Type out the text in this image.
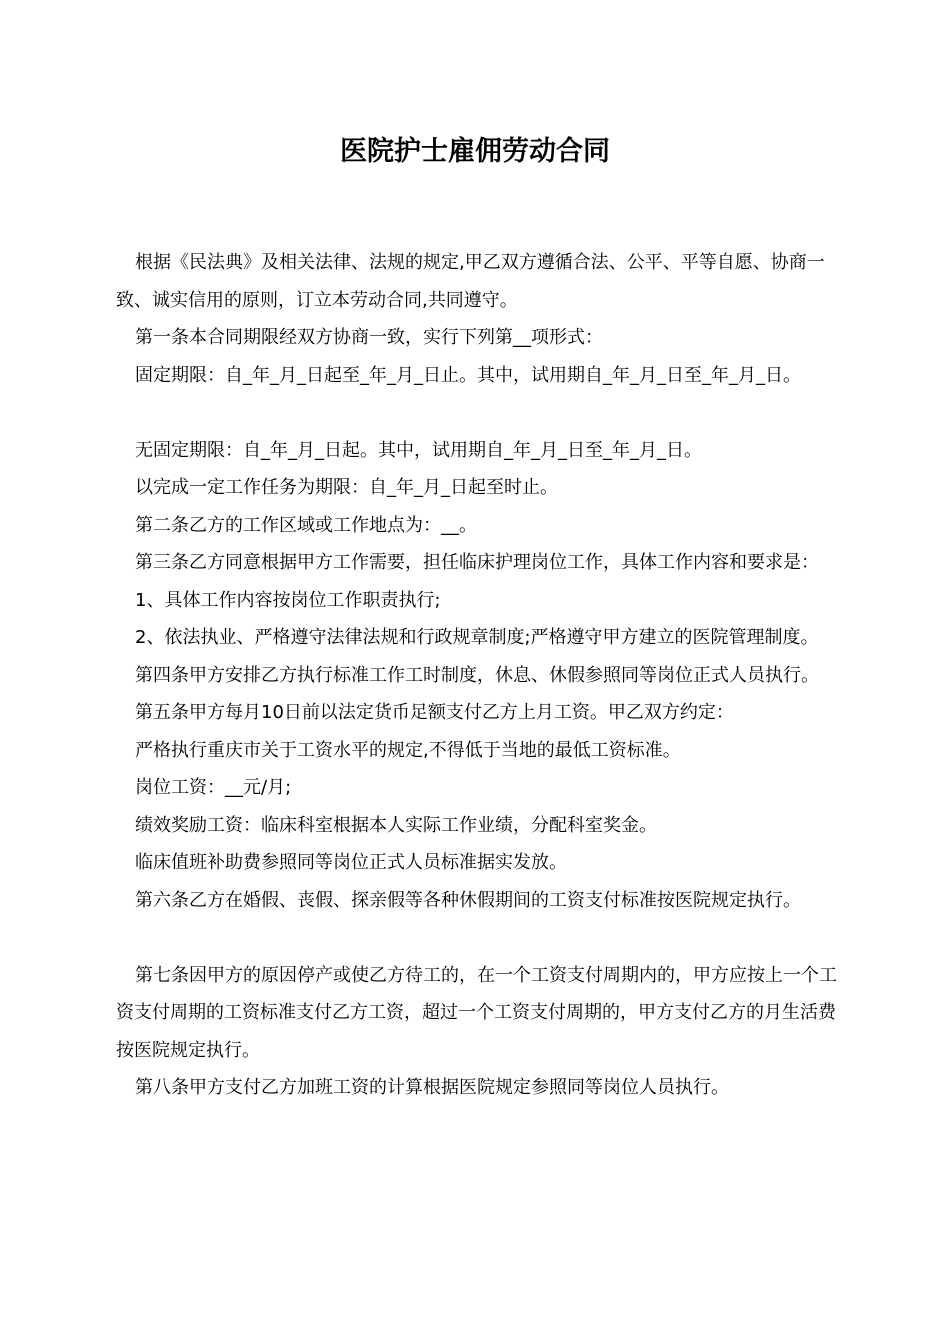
医院护士雇佣劳动合同

根据《民法典》及相关法律、法规的规定,甲乙双方遵循合法、公平、平等自愿、协商一致、诚实信用的原则，订立本劳动合同,共同遵守。

第一条本合同期限经双方协商一致，实行下列第__项形式：

固定期限：自_年_月_日起至_年_月_日止。其中，试用期自_年_月_日至_年_月_日。

无固定期限：自_年_月_日起。其中，试用期自_年_月_日至_年_月_日。

以完成一定工作任务为期限：自_年_月_日起至时止。

第二条乙方的工作区域或工作地点为：__。

第三条乙方同意根据甲方工作需要，担任临床护理岗位工作，具体工作内容和要求是：

1、具体工作内容按岗位工作职责执行;

2、依法执业、严格遵守法律法规和行政规章制度;严格遵守甲方建立的医院管理制度。

第四条甲方安排乙方执行标准工作工时制度，休息、休假参照同等岗位正式人员执行。

第五条甲方每月10日前以法定货币足额支付乙方上月工资。甲乙双方约定：

严格执行重庆市关于工资水平的规定,不得低于当地的最低工资标准。

岗位工资：__元/月;

绩效奖励工资：临床科室根据本人实际工作业绩，分配科室奖金。

临床值班补助费参照同等岗位正式人员标准据实发放。

第六条乙方在婚假、丧假、探亲假等各种休假期间的工资支付标准按医院规定执行。

第七条因甲方的原因停产或使乙方待工的，在一个工资支付周期内的，甲方应按上一个工资支付周期的工资标准支付乙方工资，超过一个工资支付周期的，甲方支付乙方的月生活费按医院规定执行。

第八条甲方支付乙方加班工资的计算根据医院规定参照同等岗位人员执行。
